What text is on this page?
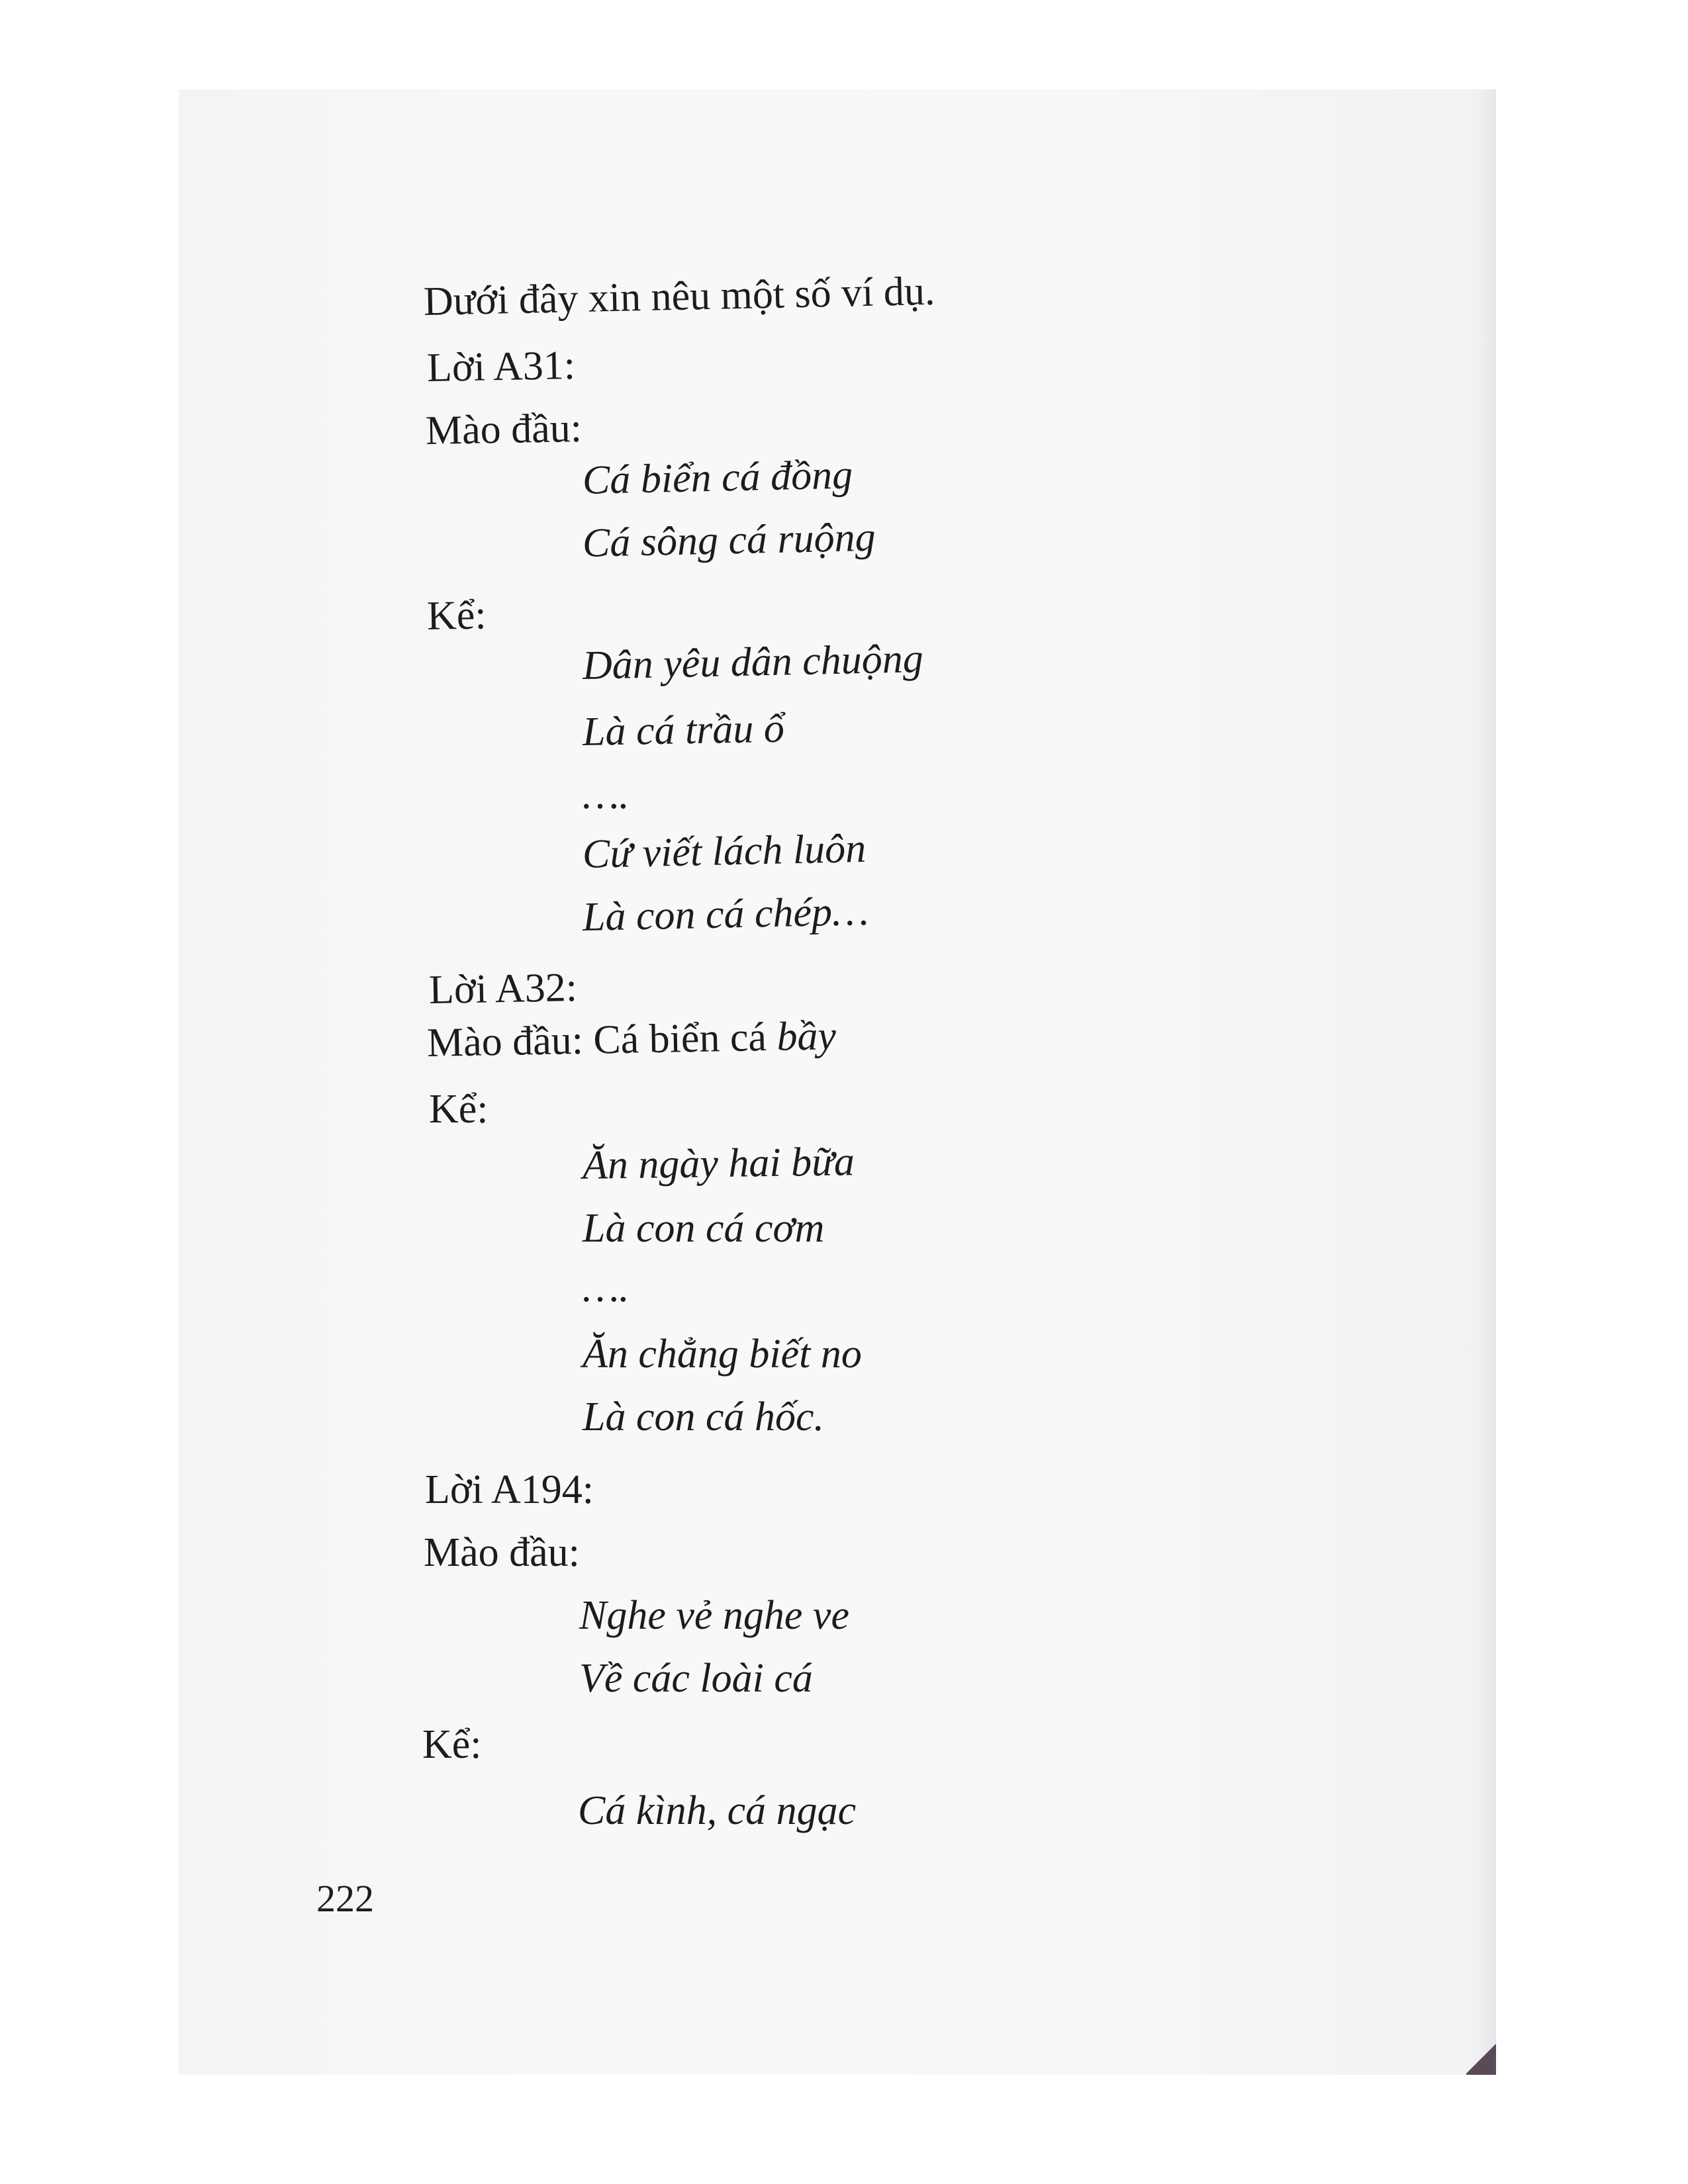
Dưới đây xin nêu một số ví dụ.
Lời A31:
Mào đầu:
Cá biển cá đồng
Cá sông cá ruộng
Kể:
Dân yêu dân chuộng
Là cá trầu ổ
….
Cứ viết lách luôn
Là con cá chép…
Lời A32:
Mào đầu: Cá biển cá bầy
Kể:
Ăn ngày hai bữa
Là con cá cơm
….
Ăn chẳng biết no
Là con cá hốc.
Lời A194:
Mào đầu:
Nghe vẻ nghe ve
Về các loài cá
Kể:
Cá kình, cá ngạc
222
